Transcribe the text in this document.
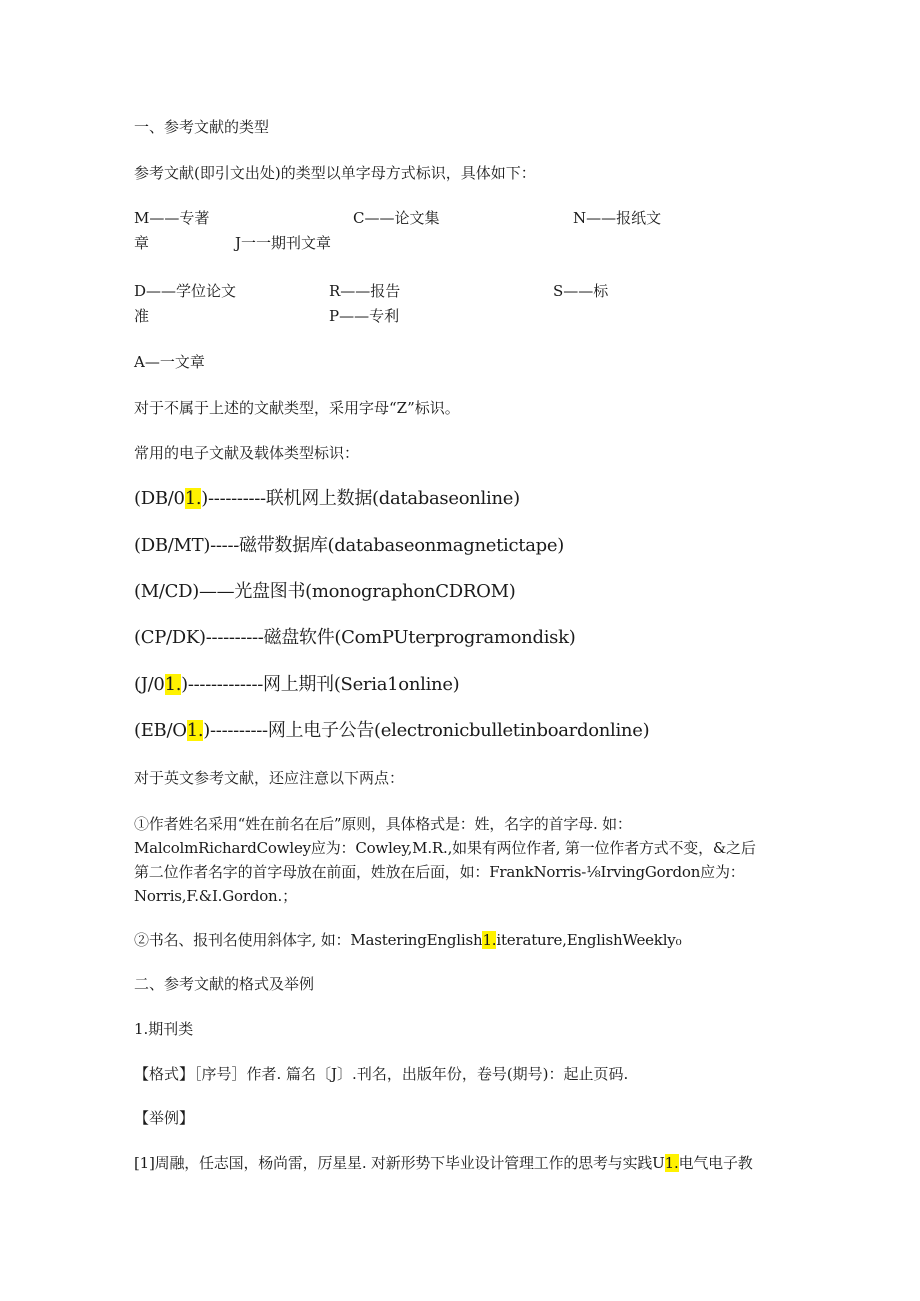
一、参考文献的类型
参考文献(即引文出处)的类型以单字母方式标识，具体如下：
M——专著	C——论文集	N——报纸文
章	J一一期刊文章
D——学位论文	R——报告	S——标
准	P——专利
A—一文章
对于不属于上述的文献类型，采用字母“Z”标识。
常用的电子文献及载体类型标识：
(DB/01.)----------联机网上数据(databaseonline)
(DB/MT)-----磁带数据库(databaseonmagnetictape)
(M/CD)——光盘图书(monographonCDROM)
(CP/DK)----------磁盘软件(ComPUterprogramondisk)
(J/01.)-------------网上期刊(Seria1online)
(EB/O1.)----------网上电子公告(electronicbulletinboardonline)
对于英文参考文献，还应注意以下两点：
①作者姓名采用“姓在前名在后”原则，具体格式是：姓，名字的首字母. 如：
MalcolmRichardCowley应为：Cowley,M.R.,如果有两位作者, 第一位作者方式不变，&之后
第二位作者名字的首字母放在前面，姓放在后面，如：FrankNorris-⅛IrvingGordon应为：
Norris,F.&I.Gordon.；
②书名、报刊名使用斜体字, 如：MasteringEnglish1.iterature,EnglishWeekly₀
二、参考文献的格式及举例
1.期刊类
【格式】［序号］作者. 篇名〔J〕.刊名，出版年份，卷号(期号)：起止页码.
【举例】
[1]周融，任志国，杨尚雷，厉星星. 对新形势下毕业设计管理工作的思考与实践U1.电气电子教
